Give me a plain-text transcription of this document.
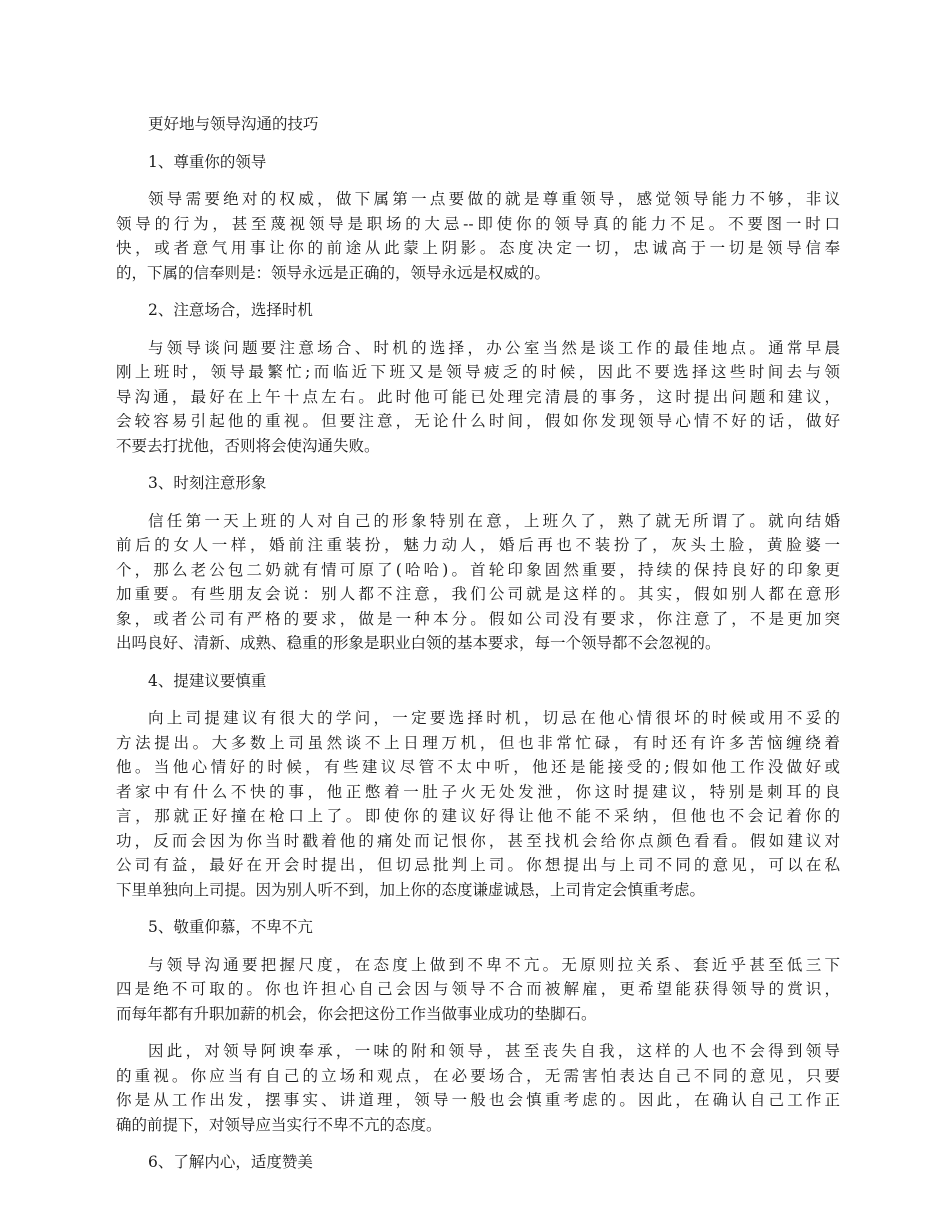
更好地与领导沟通的技巧
1、尊重你的领导
领导需要绝对的权威，做下属第一点要做的就是尊重领导，感觉领导能力不够，非议
领导的行为，甚至蔑视领导是职场的大忌--即使你的领导真的能力不足。不要图一时口
快，或者意气用事让你的前途从此蒙上阴影。态度决定一切，忠诚高于一切是领导信奉
的，下属的信奉则是：领导永远是正确的，领导永远是权威的。
2、注意场合，选择时机
与领导谈问题要注意场合、时机的选择，办公室当然是谈工作的最佳地点。通常早晨
刚上班时，领导最繁忙;而临近下班又是领导疲乏的时候，因此不要选择这些时间去与领
导沟通，最好在上午十点左右。此时他可能已处理完清晨的事务，这时提出问题和建议，
会较容易引起他的重视。但要注意，无论什么时间，假如你发现领导心情不好的话，做好
不要去打扰他，否则将会使沟通失败。
3、时刻注意形象
信任第一天上班的人对自己的形象特别在意，上班久了，熟了就无所谓了。就向结婚
前后的女人一样，婚前注重装扮，魅力动人，婚后再也不装扮了，灰头土脸，黄脸婆一
个，那么老公包二奶就有情可原了(哈哈)。首轮印象固然重要，持续的保持良好的印象更
加重要。有些朋友会说：别人都不注意，我们公司就是这样的。其实，假如别人都在意形
象，或者公司有严格的要求，做是一种本分。假如公司没有要求，你注意了，不是更加突
出吗良好、清新、成熟、稳重的形象是职业白领的基本要求，每一个领导都不会忽视的。
4、提建议要慎重
向上司提建议有很大的学问，一定要选择时机，切忌在他心情很坏的时候或用不妥的
方法提出。大多数上司虽然谈不上日理万机，但也非常忙碌，有时还有许多苦恼缠绕着
他。当他心情好的时候，有些建议尽管不太中听，他还是能接受的;假如他工作没做好或
者家中有什么不快的事，他正憋着一肚子火无处发泄，你这时提建议，特别是刺耳的良
言，那就正好撞在枪口上了。即使你的建议好得让他不能不采纳，但他也不会记着你的
功，反而会因为你当时戳着他的痛处而记恨你，甚至找机会给你点颜色看看。假如建议对
公司有益，最好在开会时提出，但切忌批判上司。你想提出与上司不同的意见，可以在私
下里单独向上司提。因为别人听不到，加上你的态度谦虚诚恳，上司肯定会慎重考虑。
5、敬重仰慕，不卑不亢
与领导沟通要把握尺度，在态度上做到不卑不亢。无原则拉关系、套近乎甚至低三下
四是绝不可取的。你也许担心自己会因与领导不合而被解雇，更希望能获得领导的赏识，
而每年都有升职加薪的机会，你会把这份工作当做事业成功的垫脚石。
因此，对领导阿谀奉承，一味的附和领导，甚至丧失自我，这样的人也不会得到领导
的重视。你应当有自己的立场和观点，在必要场合，无需害怕表达自己不同的意见，只要
你是从工作出发，摆事实、讲道理，领导一般也会慎重考虑的。因此，在确认自己工作正
确的前提下，对领导应当实行不卑不亢的态度。
6、了解内心，适度赞美
